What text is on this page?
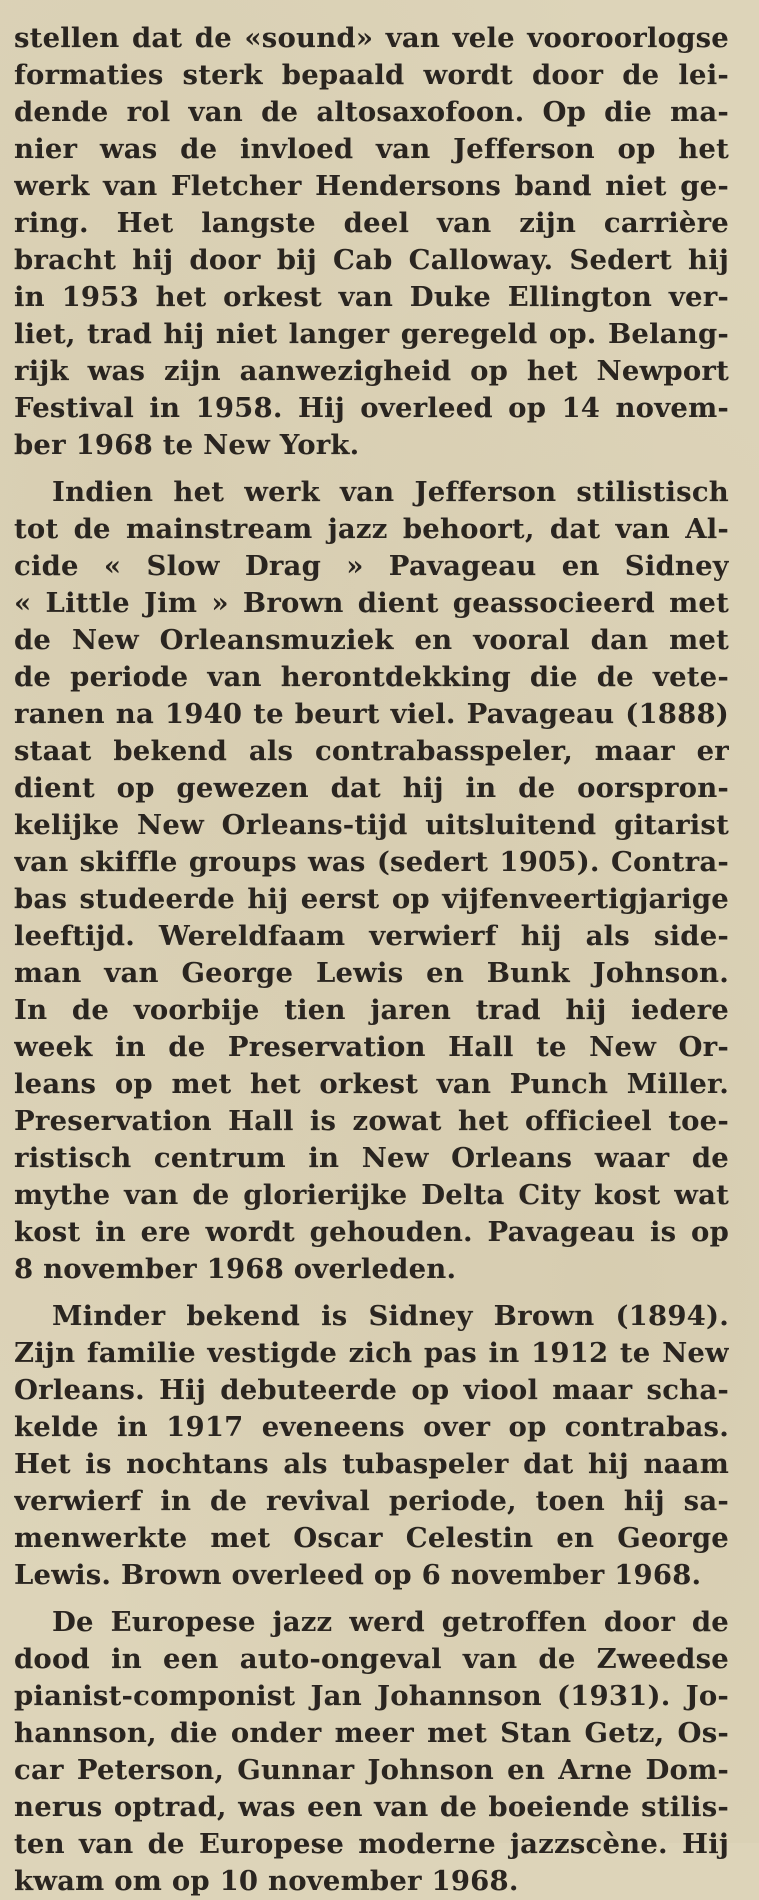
stellen dat de «sound» van vele vooroorlogse
formaties sterk bepaald wordt door de lei-
dende rol van de altosaxofoon. Op die ma-
nier was de invloed van Jefferson op het
werk van Fletcher Hendersons band niet ge-
ring. Het langste deel van zijn carrière
bracht hij door bij Cab Calloway. Sedert hij
in 1953 het orkest van Duke Ellington ver-
liet, trad hij niet langer geregeld op. Belang-
rijk was zijn aanwezigheid op het Newport
Festival in 1958. Hij overleed op 14 novem-
ber 1968 te New York.
Indien het werk van Jefferson stilistisch
tot de mainstream jazz behoort, dat van Al-
cide « Slow Drag » Pavageau en Sidney
« Little Jim » Brown dient geassocieerd met
de New Orleansmuziek en vooral dan met
de periode van herontdekking die de vete-
ranen na 1940 te beurt viel. Pavageau (1888)
staat bekend als contrabasspeler, maar er
dient op gewezen dat hij in de oorspron-
kelijke New Orleans-tijd uitsluitend gitarist
van skiffle groups was (sedert 1905). Contra-
bas studeerde hij eerst op vijfenveertigjarige
leeftijd. Wereldfaam verwierf hij als side-
man van George Lewis en Bunk Johnson.
In de voorbije tien jaren trad hij iedere
week in de Preservation Hall te New Or-
leans op met het orkest van Punch Miller.
Preservation Hall is zowat het officieel toe-
ristisch centrum in New Orleans waar de
mythe van de glorierijke Delta City kost wat
kost in ere wordt gehouden. Pavageau is op
8 november 1968 overleden.
Minder bekend is Sidney Brown (1894).
Zijn familie vestigde zich pas in 1912 te New
Orleans. Hij debuteerde op viool maar scha-
kelde in 1917 eveneens over op contrabas.
Het is nochtans als tubaspeler dat hij naam
verwierf in de revival periode, toen hij sa-
menwerkte met Oscar Celestin en George
Lewis. Brown overleed op 6 november 1968.
De Europese jazz werd getroffen door de
dood in een auto-ongeval van de Zweedse
pianist-componist Jan Johannson (1931). Jo-
hannson, die onder meer met Stan Getz, Os-
car Peterson, Gunnar Johnson en Arne Dom-
nerus optrad, was een van de boeiende stilis-
ten van de Europese moderne jazzscène. Hij
kwam om op 10 november 1968.
